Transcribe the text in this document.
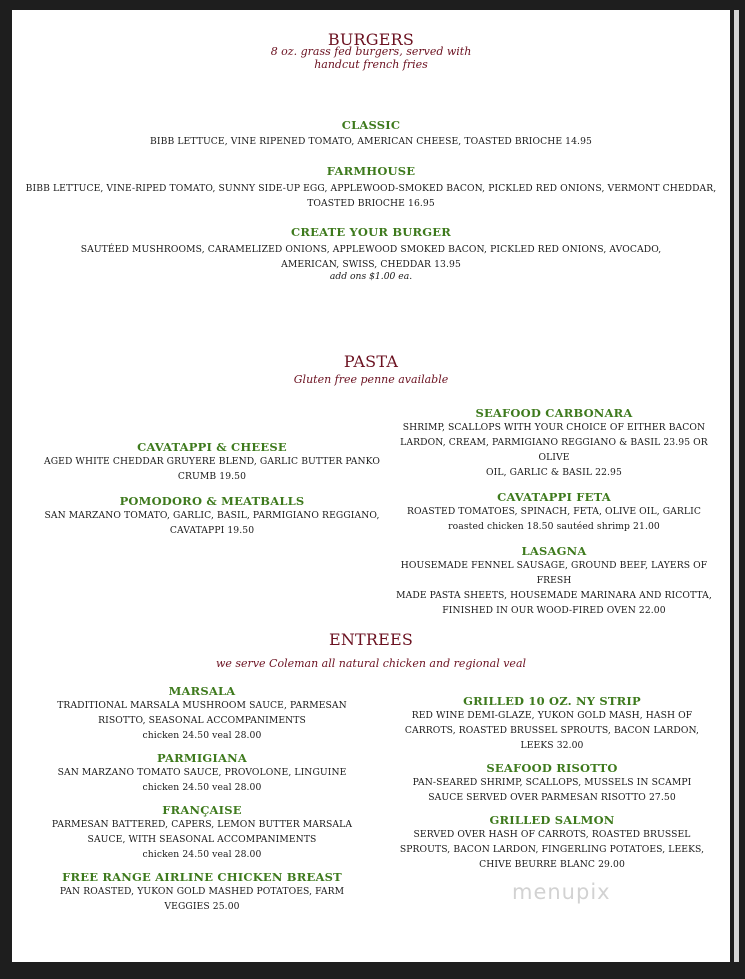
BURGERS
8 oz. grass fed burgers, served with
handcut french fries
CLASSIC
BIBB LETTUCE, VINE RIPENED TOMATO, AMERICAN CHEESE, TOASTED BRIOCHE 14.95
FARMHOUSE
BIBB LETTUCE, VINE-RIPED TOMATO, SUNNY SIDE-UP EGG, APPLEWOOD-SMOKED BACON, PICKLED RED ONIONS, VERMONT CHEDDAR,
TOASTED BRIOCHE 16.95
CREATE YOUR BURGER
SAUTÉED MUSHROOMS, CARAMELIZED ONIONS, APPLEWOOD SMOKED BACON, PICKLED RED ONIONS, AVOCADO,
AMERICAN, SWISS, CHEDDAR 13.95
add ons $1.00 ea.
PASTA
Gluten free penne available
CAVATAPPI & CHEESE
AGED WHITE CHEDDAR GRUYERE BLEND, GARLIC BUTTER PANKO
CRUMB 19.50
POMODORO & MEATBALLS
SAN MARZANO TOMATO, GARLIC, BASIL, PARMIGIANO REGGIANO,
CAVATAPPI 19.50
SEAFOOD CARBONARA
SHRIMP, SCALLOPS WITH YOUR CHOICE OF EITHER BACON
LARDON, CREAM, PARMIGIANO REGGIANO & BASIL 23.95 OR OLIVE
OIL, GARLIC & BASIL 22.95
CAVATAPPI FETA
ROASTED TOMATOES, SPINACH, FETA, OLIVE OIL, GARLIC
roasted chicken 18.50 sautéed shrimp 21.00
LASAGNA
HOUSEMADE FENNEL SAUSAGE, GROUND BEEF, LAYERS OF FRESH
MADE PASTA SHEETS, HOUSEMADE MARINARA AND RICOTTA,
FINISHED IN OUR WOOD-FIRED OVEN 22.00
ENTREES
we serve Coleman all natural chicken and regional veal
MARSALA
TRADITIONAL MARSALA MUSHROOM SAUCE, PARMESAN
RISOTTO, SEASONAL ACCOMPANIMENTS
chicken 24.50 veal 28.00
PARMIGIANA
SAN MARZANO TOMATO SAUCE, PROVOLONE, LINGUINE
chicken 24.50 veal 28.00
FRANÇAISE
PARMESAN BATTERED, CAPERS, LEMON BUTTER MARSALA
SAUCE, WITH SEASONAL ACCOMPANIMENTS
chicken 24.50 veal 28.00
FREE RANGE AIRLINE CHICKEN BREAST
PAN ROASTED, YUKON GOLD MASHED POTATOES, FARM
VEGGIES 25.00
GRILLED 10 OZ. NY STRIP
RED WINE DEMI-GLAZE, YUKON GOLD MASH, HASH OF
CARROTS, ROASTED BRUSSEL SPROUTS, BACON LARDON,
LEEKS 32.00
SEAFOOD RISOTTO
PAN-SEARED SHRIMP, SCALLOPS, MUSSELS IN SCAMPI
SAUCE SERVED OVER PARMESAN RISOTTO 27.50
GRILLED SALMON
SERVED OVER HASH OF CARROTS, ROASTED BRUSSEL
SPROUTS, BACON LARDON, FINGERLING POTATOES, LEEKS,
CHIVE BEURRE BLANC 29.00
menupix
